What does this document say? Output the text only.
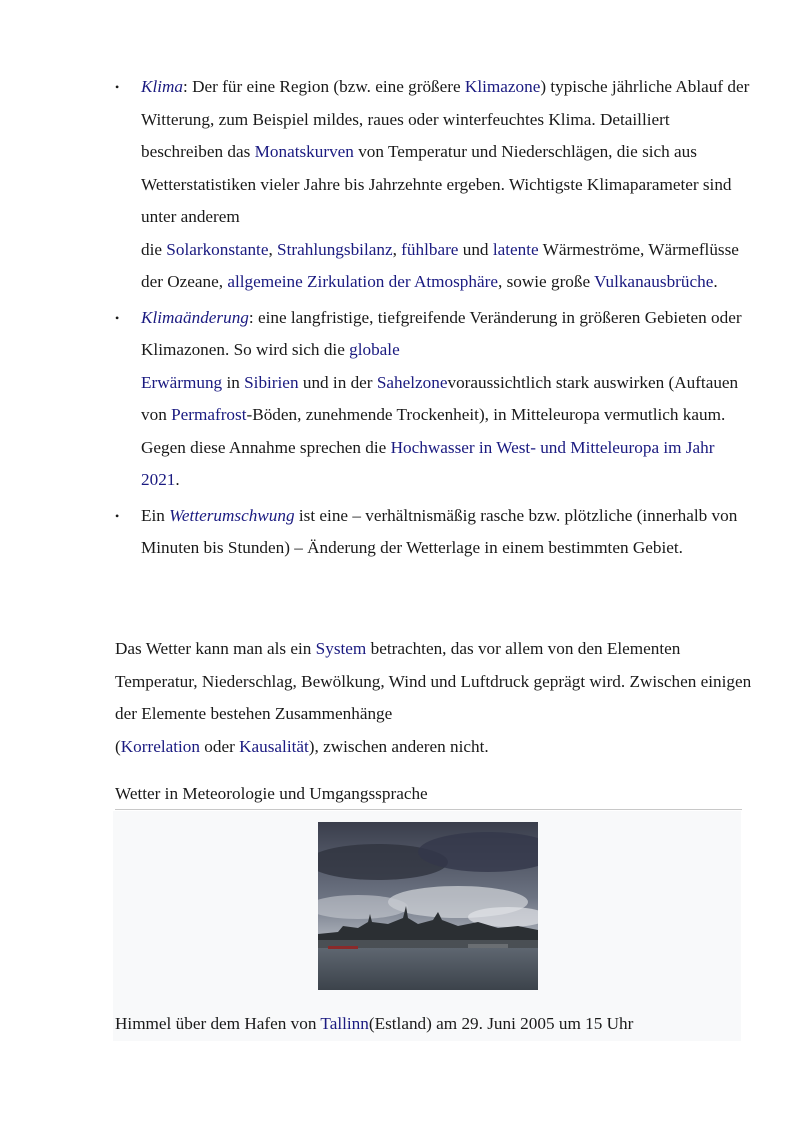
• Klima: Der für eine Region (bzw. eine größere Klimazone) typische jährliche Ablauf der Witterung, zum Beispiel mildes, raues oder winterfeuchtes Klima. Detailliert beschreiben das Monatskurven von Temperatur und Niederschlägen, die sich aus Wetterstatistiken vieler Jahre bis Jahrzehnte ergeben. Wichtigste Klimaparameter sind unter anderem
die Solarkonstante, Strahlungsbilanz, fühlbare und latente Wärmeströme, Wärmeflüsse der Ozeane, allgemeine Zirkulation der Atmosphäre, sowie große Vulkanausbrüche.
• Klimaänderung: eine langfristige, tiefgreifende Veränderung in größeren Gebieten oder Klimazonen. So wird sich die globale
Erwärmung in Sibirien und in der Sahelzonevoraussichtlich stark auswirken (Auftauen von Permafrost-Böden, zunehmende Trockenheit), in Mitteleuropa vermutlich kaum. Gegen diese Annahme sprechen die Hochwasser in West- und Mitteleuropa im Jahr 2021.
• Ein Wetterumschwung ist eine – verhältnismäßig rasche bzw. plötzliche (innerhalb von Minuten bis Stunden) – Änderung der Wetterlage in einem bestimmten Gebiet.

Das Wetter kann man als ein System betrachten, das vor allem von den Elementen Temperatur, Niederschlag, Bewölkung, Wind und Luftdruck geprägt wird. Zwischen einigen der Elemente bestehen Zusammenhänge
(Korrelation oder Kausalität), zwischen anderen nicht.

Wetter in Meteorologie und Umgangssprache
Himmel über dem Hafen von Tallinn(Estland) am 29. Juni 2005 um 15 Uhr
